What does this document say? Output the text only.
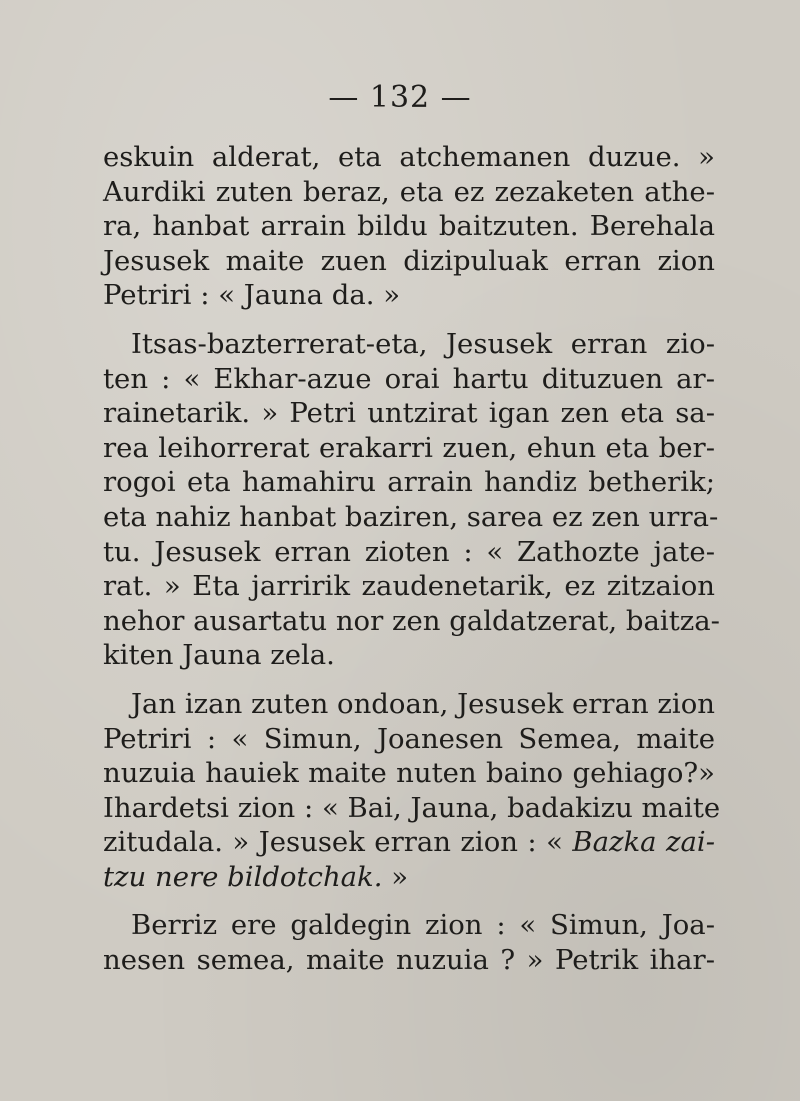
— 132 —
eskuin alderat, eta atchemanen duzue. »
Aurdiki zuten beraz, eta ez zezaketen athe-
ra, hanbat arrain bildu baitzuten. Berehala
Jesusek maite zuen dizipuluak erran zion
Petriri : « Jauna da. »
Itsas-bazterrerat-eta, Jesusek erran zio-
ten : « Ekhar-azue orai hartu dituzuen ar-
rainetarik. » Petri untzirat igan zen eta sa-
rea leihorrerat erakarri zuen, ehun eta ber-
rogoi eta hamahiru arrain handiz betherik;
eta nahiz hanbat baziren, sarea ez zen urra-
tu. Jesusek erran zioten : « Zathozte jate-
rat. » Eta jarririk zaudenetarik, ez zitzaion
nehor ausartatu nor zen galdatzerat, baitza-
kiten Jauna zela.
Jan izan zuten ondoan, Jesusek erran zion
Petriri : « Simun, Joanesen Semea, maite
nuzuia hauiek maite nuten baino gehiago?»
Ihardetsi zion : « Bai, Jauna, badakizu maite
zitudala. » Jesusek erran zion : « Bazka zai-
tzu nere bildotchak. »
Berriz ere galdegin zion : « Simun, Joa-
nesen semea, maite nuzuia ? » Petrik ihar-
